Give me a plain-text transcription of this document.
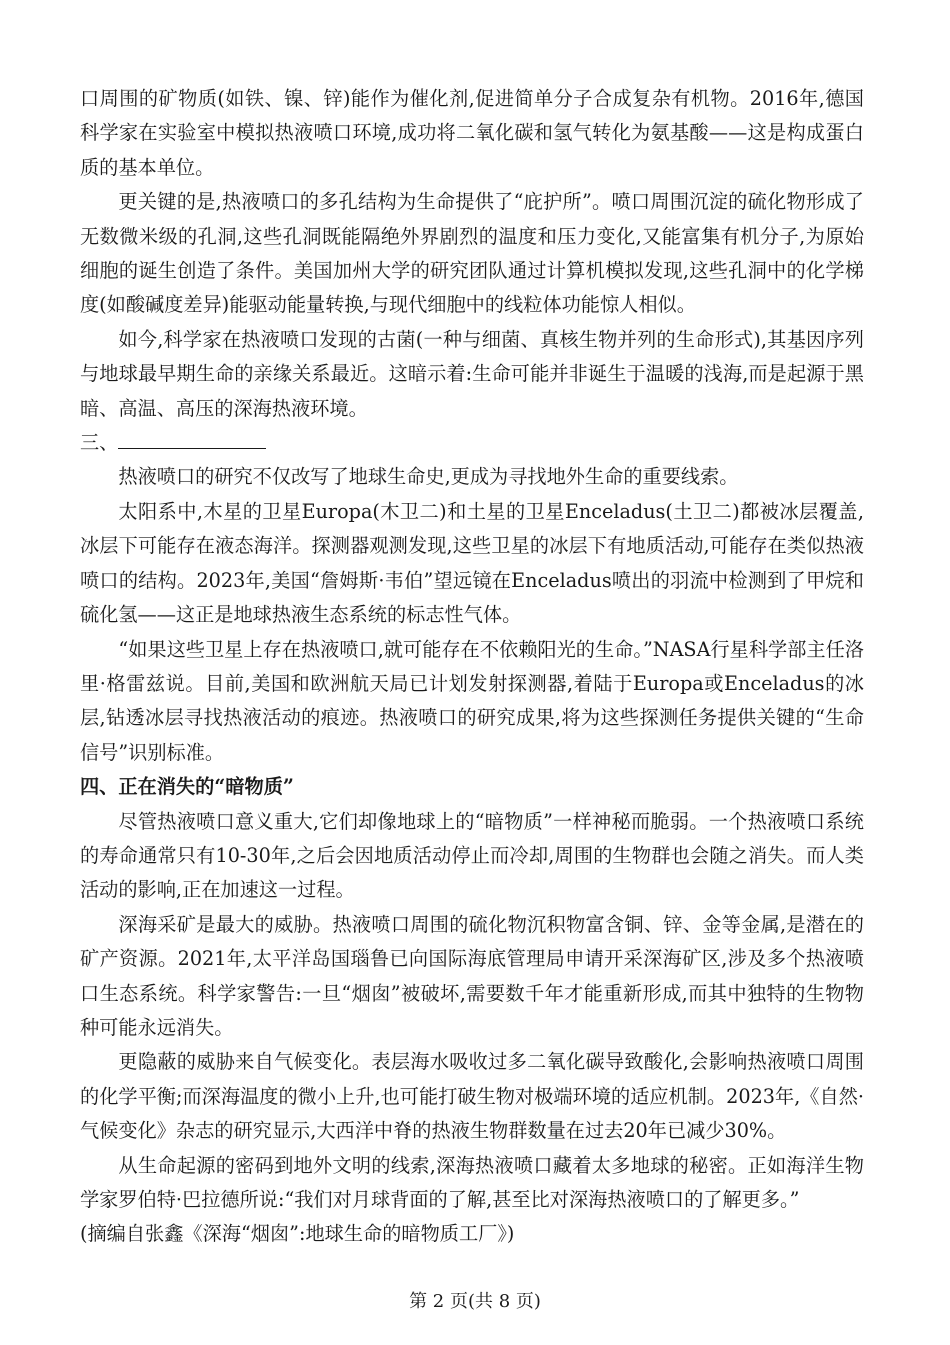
口周围的矿物质(如铁、镍、锌)能作为催化剂,促进简单分子合成复杂有机物。2016年,德国科学家在实验室中模拟热液喷口环境,成功将二氧化碳和氢气转化为氨基酸——这是构成蛋白质的基本单位。

更关键的是,热液喷口的多孔结构为生命提供了“庇护所”。喷口周围沉淀的硫化物形成了无数微米级的孔洞,这些孔洞既能隔绝外界剧烈的温度和压力变化,又能富集有机分子,为原始细胞的诞生创造了条件。美国加州大学的研究团队通过计算机模拟发现,这些孔洞中的化学梯度(如酸碱度差异)能驱动能量转换,与现代细胞中的线粒体功能惊人相似。

如今,科学家在热液喷口发现的古菌(一种与细菌、真核生物并列的生命形式),其基因序列与地球最早期生命的亲缘关系最近。这暗示着:生命可能并非诞生于温暖的浅海,而是起源于黑暗、高温、高压的深海热液环境。

三、

热液喷口的研究不仅改写了地球生命史,更成为寻找地外生命的重要线索。

太阳系中,木星的卫星Europa(木卫二)和土星的卫星Enceladus(土卫二)都被冰层覆盖,冰层下可能存在液态海洋。探测器观测发现,这些卫星的冰层下有地质活动,可能存在类似热液喷口的结构。2023年,美国“詹姆斯·韦伯”望远镜在Enceladus喷出的羽流中检测到了甲烷和硫化氢——这正是地球热液生态系统的标志性气体。

“如果这些卫星上存在热液喷口,就可能存在不依赖阳光的生命。”NASA行星科学部主任洛里·格雷兹说。目前,美国和欧洲航天局已计划发射探测器,着陆于Europa或Enceladus的冰层,钻透冰层寻找热液活动的痕迹。热液喷口的研究成果,将为这些探测任务提供关键的“生命信号”识别标准。

四、正在消失的“暗物质”

尽管热液喷口意义重大,它们却像地球上的“暗物质”一样神秘而脆弱。一个热液喷口系统的寿命通常只有10-30年,之后会因地质活动停止而冷却,周围的生物群也会随之消失。而人类活动的影响,正在加速这一过程。

深海采矿是最大的威胁。热液喷口周围的硫化物沉积物富含铜、锌、金等金属,是潜在的矿产资源。2021年,太平洋岛国瑙鲁已向国际海底管理局申请开采深海矿区,涉及多个热液喷口生态系统。科学家警告:一旦“烟囱”被破坏,需要数千年才能重新形成,而其中独特的生物物种可能永远消失。

更隐蔽的威胁来自气候变化。表层海水吸收过多二氧化碳导致酸化,会影响热液喷口周围的化学平衡;而深海温度的微小上升,也可能打破生物对极端环境的适应机制。2023年,《自然·气候变化》杂志的研究显示,大西洋中脊的热液生物群数量在过去20年已减少30%。

从生命起源的密码到地外文明的线索,深海热液喷口藏着太多地球的秘密。正如海洋生物学家罗伯特·巴拉德所说:“我们对月球背面的了解,甚至比对深海热液喷口的了解更多。”

(摘编自张鑫《深海“烟囱”:地球生命的暗物质工厂》)

第 2 页(共 8 页)
